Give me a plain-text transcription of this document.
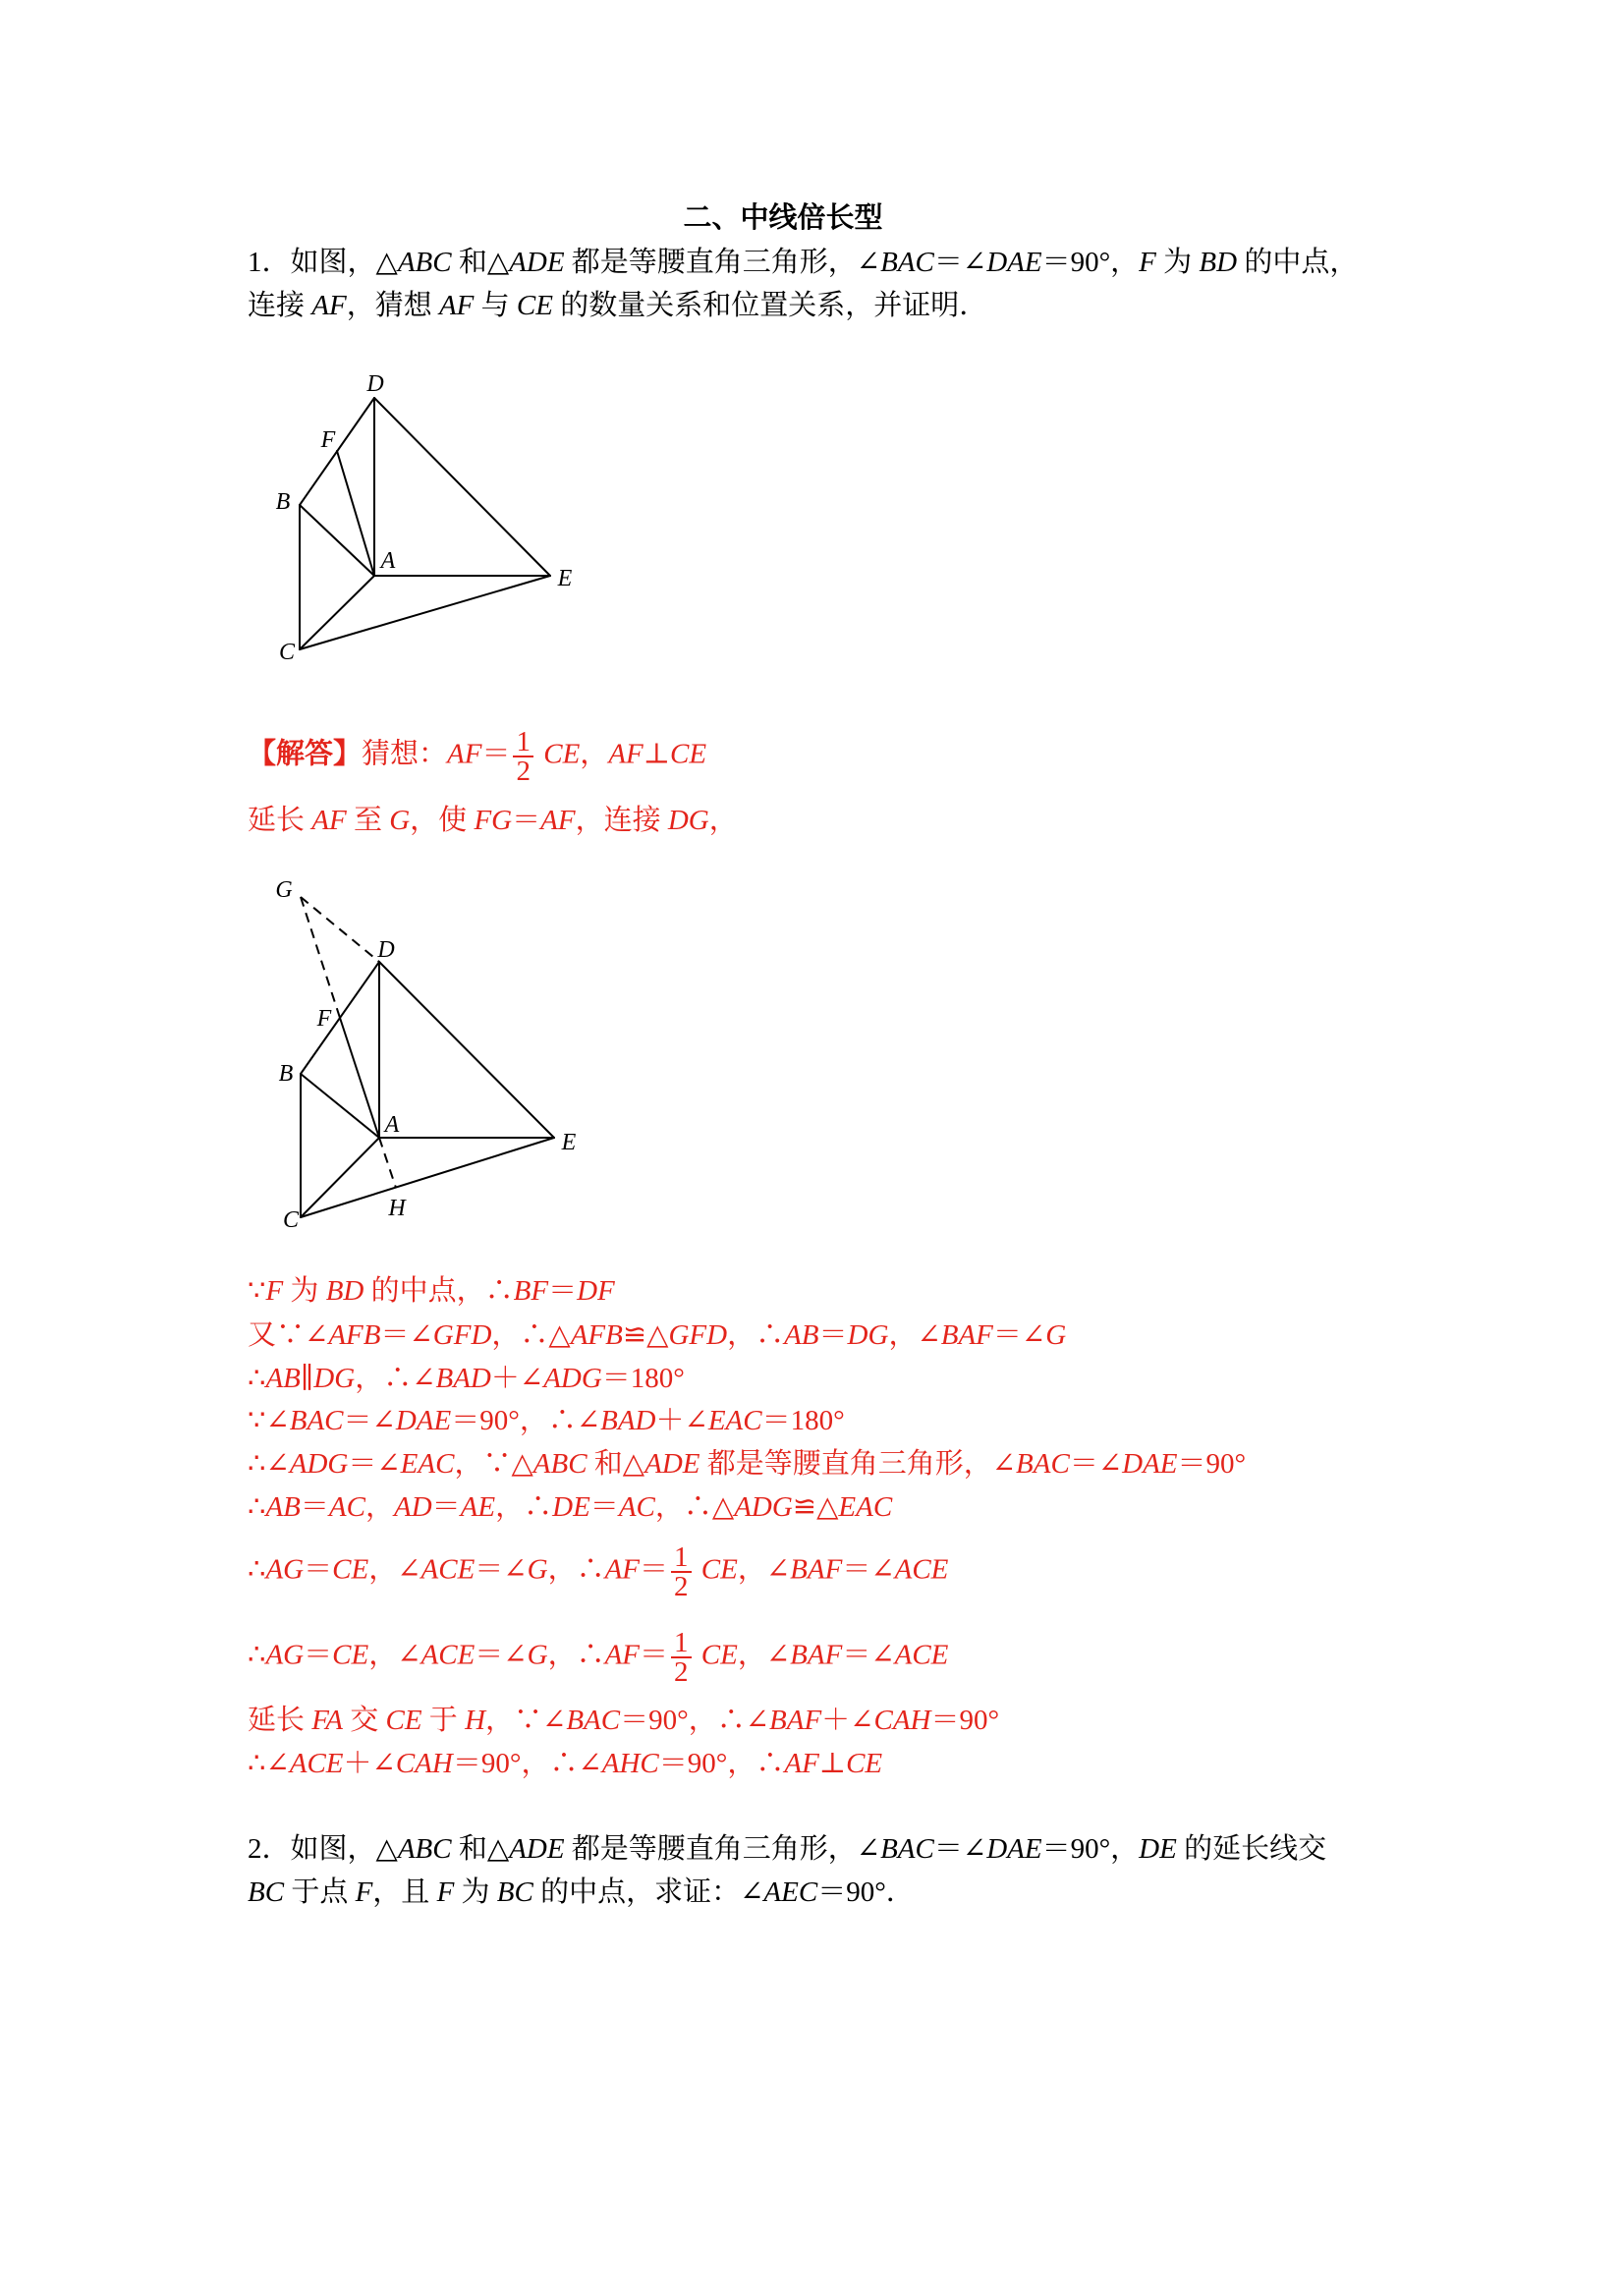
二、中线倍长型
1．如图，△ABC 和△ADE 都是等腰直角三角形，∠BAC＝∠DAE＝90°，F 为 BD 的中点，
连接 AF，猜想 AF 与 CE 的数量关系和位置关系，并证明．
【解答】猜想：$AF= \frac{1}{2}$ CE，AF⊥CE
延长 AF 至 G，使 FG＝AF，连接 DG，
∵F 为 BD 的中点，∴BF＝DF
又∵∠AFB＝∠GFD，∴△AFB≌△GFD，∴AB＝DG，∠BAF＝∠G
∴AB∥DG，∴∠BAD＋∠ADG＝180°
∵∠BAC＝∠DAE＝90°，∴∠BAD＋∠EAC＝180°
∴∠ADG＝∠EAC，∵△ABC 和△ADE 都是等腰直角三角形，∠BAC＝∠DAE＝90°
∴AB＝AC，AD＝AE，∴DE＝AC，∴△ADG≌△EAC
∴AG＝CE，∠ACE＝∠G，∴AF＝ $\frac{1}{2}$ CE，∠BAF＝∠ACE
∴AG＝CE，∠ACE＝∠G，∴AF＝ $\frac{1}{2}$ CE，∠BAF＝∠ACE
延长 FA 交 CE 于 H，∵∠BAC＝90°，∴∠BAF＋∠CAH＝90°
∴∠ACE＋∠CAH＝90°，∴∠AHC＝90°，∴AF⊥CE
2．如图，△ABC 和△ADE 都是等腰直角三角形，∠BAC＝∠DAE＝90°，DE 的延长线交
BC 于点 F，且 F 为 BC 的中点，求证：∠AEC＝90°．
D
F
B
A
E
C
G
D
F
B
A
E
C	H
